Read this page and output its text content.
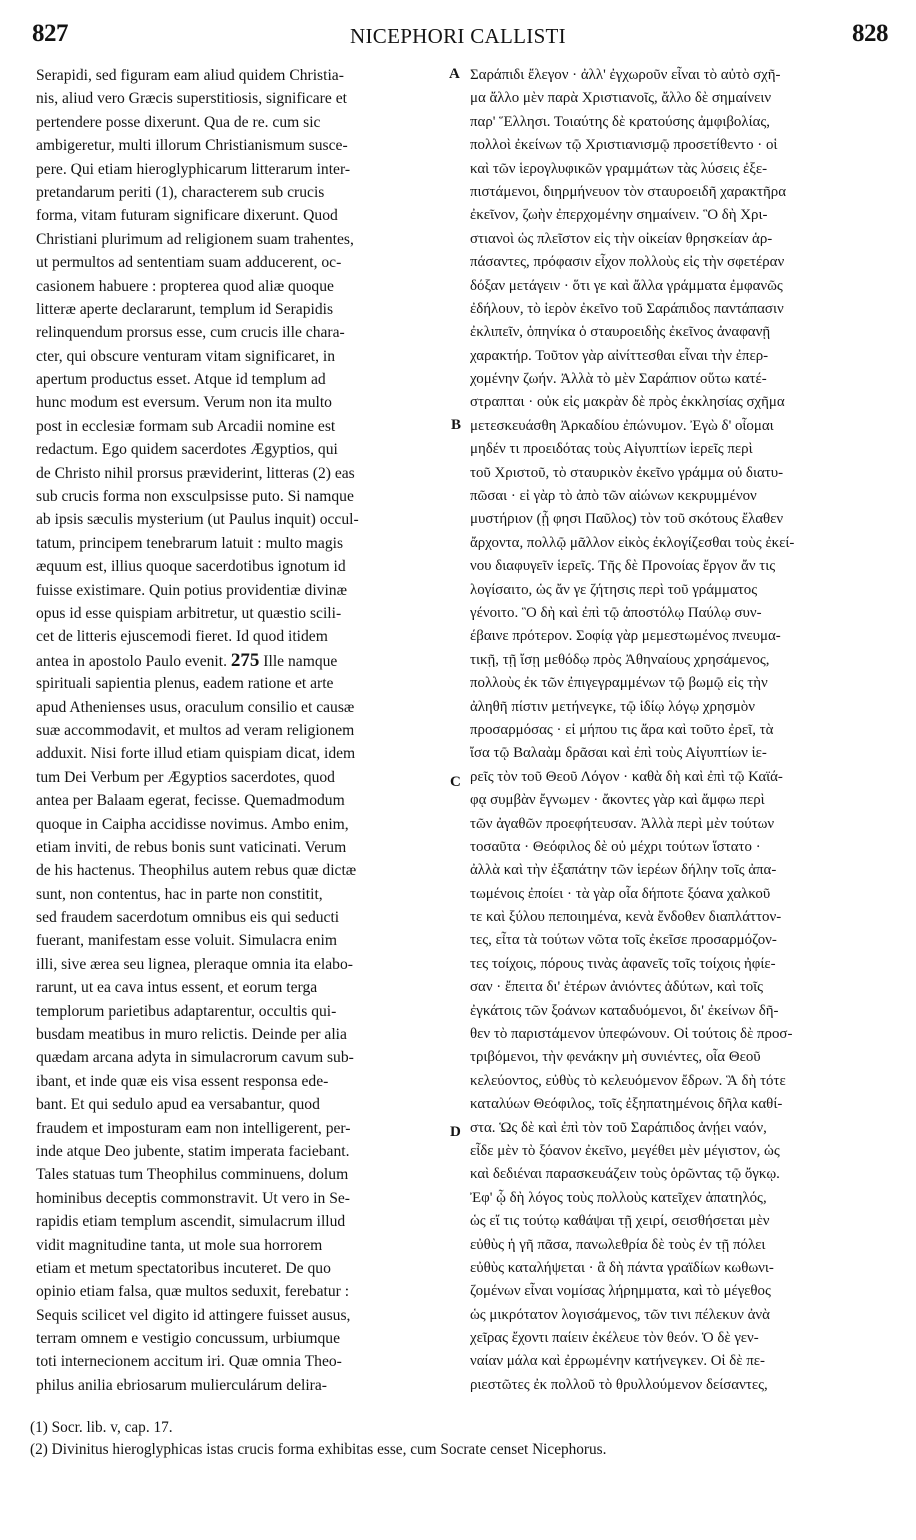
827	NICEPHORI CALLISTI	828
Serapidi, sed figuram eam aliud quidem Christia-
nis, aliud vero Græcis superstitiosis, significare et
pertendere posse dixerunt. Qua de re. cum sic
ambigeretur, multi illorum Christianismum susce-
pere. Qui etiam hieroglyphicarum litterarum inter-
pretandarum periti (1), characterem sub crucis
forma, vitam futuram significare dixerunt. Quod
Christiani plurimum ad religionem suam trahentes,
ut permultos ad sententiam suam adducerent, oc-
casionem habuere : propterea quod aliæ quoque
litteræ aperte declararunt, templum id Serapidis
relinquendum prorsus esse, cum crucis ille chara-
cter, qui obscure venturam vitam significaret, in
apertum productus esset. Atque id templum ad
hunc modum est eversum. Verum non ita multo
post in ecclesiæ formam sub Arcadii nomine est
redactum. Ego quidem sacerdotes Ægyptios, qui
de Christo nihil prorsus præviderint, litteras (2) eas
sub crucis forma non exsculpsisse puto. Si namque
ab ipsis sæculis mysterium (ut Paulus inquit) occul-
tatum, principem tenebrarum latuit : multo magis
æquum est, illius quoque sacerdotibus ignotum id
fuisse existimare. Quin potius providentiæ divinæ
opus id esse quispiam arbitretur, ut quæstio scili-
cet de litteris ejuscemodi fieret. Id quod itidem
antea in apostolo Paulo evenit. 275 Ille namque
spirituali sapientia plenus, eadem ratione et arte
apud Athenienses usus, oraculum consilio et causæ
suæ accommodavit, et multos ad veram religionem
adduxit. Nisi forte illud etiam quispiam dicat, idem
tum Dei Verbum per Ægyptios sacerdotes, quod
antea per Balaam egerat, fecisse. Quemadmodum
quoque in Caipha accidisse novimus. Ambo enim,
etiam inviti, de rebus bonis sunt vaticinati. Verum
de his hactenus. Theophilus autem rebus quæ dictæ
sunt, non contentus, hac in parte non constitit,
sed fraudem sacerdotum omnibus eis qui seducti
fuerant, manifestam esse voluit. Simulacra enim
illi, sive ærea seu lignea, pleraque omnia ita elabo-
rarunt, ut ea cava intus essent, et eorum terga
templorum parietibus adaptarentur, occultis qui-
busdam meatibus in muro relictis. Deinde per alia
quædam arcana adyta in simulacrorum cavum sub-
ibant, et inde quæ eis visa essent responsa ede-
bant. Et qui sedulo apud ea versabantur, quod
fraudem et imposturam eam non intelligerent, per-
inde atque Deo jubente, statim imperata faciebant.
Tales statuas tum Theophilus comminuens, dolum
hominibus deceptis commonstravit. Ut vero in Se-
rapidis etiam templum ascendit, simulacrum illud
vidit magnitudine tanta, ut mole sua horrorem
etiam et metum spectatoribus incuteret. De quo
opinio etiam falsa, quæ multos seduxit, ferebatur :
Sequis scilicet vel digito id attingere fuisset ausus,
terram omnem e vestigio concussum, urbiumque
toti internecionem accitum iri. Quæ omnia Theo-
philus anilia ebriosarum mulierculárum delira-
A
B
C
D
Σαράπιδι ἔλεγον · ἀλλ' ἐγχωροῦν εἶναι τὸ αὐτὸ σχῆ-
μα ἄλλο μὲν παρὰ Χριστιανοῖς, ἄλλο δὲ σημαίνειν
παρ' Ἕλλησι. Τοιαύτης δὲ κρατούσης ἀμφιβολίας,
πολλοὶ ἐκείνων τῷ Χριστιανισμῷ προσετίθεντο · οἱ
καὶ τῶν ἱερογλυφικῶν γραμμάτων τὰς λύσεις ἐξε-
πιστάμενοι, διηρμήνευον τὸν σταυροειδῆ χαρακτῆρα
ἐκεῖνον, ζωὴν ἐπερχομένην σημαίνειν. Ὃ δὴ Χρι-
στιανοὶ ὡς πλεῖστον εἰς τὴν οἰκείαν θρησκείαν ἁρ-
πάσαντες, πρόφασιν εἶχον πολλοὺς εἰς τὴν σφετέραν
δόξαν μετάγειν · ὅτι γε καὶ ἄλλα γράμματα ἐμφανῶς
ἐδήλουν, τὸ ἱερὸν ἐκεῖνο τοῦ Σαράπιδος παντάπασιν
ἐκλιπεῖν, ὁπηνίκα ὁ σταυροειδὴς ἐκεῖνος ἀναφανῇ
χαρακτήρ. Τοῦτον γὰρ αἰνίττεσθαι εἶναι τὴν ἐπερ-
χομένην ζωήν. Ἀλλὰ τὸ μὲν Σαράπιον οὕτω κατέ-
στραπται · οὐκ εἰς μακρὰν δὲ πρὸς ἐκκλησίας σχῆμα
μετεσκευάσθη Ἀρκαδίου ἐπώνυμον. Ἐγὼ δ' οἶομαι
μηδέν τι προειδότας τοὺς Αἰγυπτίων ἱερεῖς περὶ
τοῦ Χριστοῦ, τὸ σταυρικὸν ἐκεῖνο γράμμα οὐ διατυ-
πῶσαι · εἰ γὰρ τὸ ἀπὸ τῶν αἰώνων κεκρυμμένον
μυστήριον (ᾗ φησι Παῦλος) τὸν τοῦ σκότους ἔλαθεν
ἄρχοντα, πολλῷ μᾶλλον εἰκὸς ἐκλογίζεσθαι τοὺς ἐκεί-
νου διαφυγεῖν ἱερεῖς. Τῆς δὲ Προνοίας ἔργον ἄν τις
λογίσαιτο, ὡς ἄν γε ζήτησις περὶ τοῦ γράμματος
γένοιτο. Ὃ δὴ καὶ ἐπὶ τῷ ἀποστόλῳ Παύλῳ συν-
έβαινε πρότερον. Σοφίᾳ γὰρ μεμεστωμένος πνευμα-
τικῇ, τῇ ἴσῃ μεθόδῳ πρὸς Ἀθηναίους χρησάμενος,
πολλοὺς ἐκ τῶν ἐπιγεγραμμένων τῷ βωμῷ εἰς τὴν
ἀληθῆ πίστιν μετήνεγκε, τῷ ἰδίῳ λόγῳ χρησμὸν
προσαρμόσας · εἰ μήπου τις ἄρα καὶ τοῦτο ἐρεῖ, τὰ
ἴσα τῷ Βαλαὰμ δρᾶσαι καὶ ἐπὶ τοὺς Αἰγυπτίων ἱε-
ρεῖς τὸν τοῦ Θεοῦ Λόγον · καθὰ δὴ καὶ ἐπὶ τῷ Καϊά-
φᾳ συμβὰν ἔγνωμεν · ἄκοντες γὰρ καὶ ἄμφω περὶ
τῶν ἀγαθῶν προεφήτευσαν. Ἀλλὰ περὶ μὲν τούτων
τοσαῦτα · Θεόφιλος δὲ οὐ μέχρι τούτων ἵστατο ·
ἀλλὰ καὶ τὴν ἐξαπάτην τῶν ἱερέων δήλην τοῖς ἀπα-
τωμένοις ἐποίει · τὰ γὰρ οἷα δήποτε ξόανα χαλκοῦ
τε καὶ ξύλου πεποιημένα, κενὰ ἔνδοθεν διαπλάττον-
τες, εἶτα τὰ τούτων νῶτα τοῖς ἐκεῖσε προσαρμόζον-
τες τοίχοις, πόρους τινὰς ἀφανεῖς τοῖς τοίχοις ἠφίε-
σαν · ἔπειτα δι' ἑτέρων ἀνιόντες ἀδύτων, καὶ τοῖς
ἐγκάτοις τῶν ξοάνων καταδυόμενοι, δι' ἐκείνων δῆ-
θεν τὸ παριστάμενον ὑπεφώνουν. Οἱ τούτοις δὲ προσ-
τριβόμενοι, τὴν φενάκην μὴ συνιέντες, οἷα Θεοῦ
κελεύοντος, εὐθὺς τὸ κελευόμενον ἔδρων. Ἃ δὴ τότε
καταλύων Θεόφιλος, τοῖς ἐξηπατημένοις δῆλα καθί-
στα. Ὡς δὲ καὶ ἐπὶ τὸν τοῦ Σαράπιδος ἀνῄει ναόν,
εἶδε μὲν τὸ ξόανον ἐκεῖνο, μεγέθει μὲν μέγιστον, ὡς
καὶ δεδιέναι παρασκευάζειν τοὺς ὁρῶντας τῷ ὄγκῳ.
Ἐφ' ᾧ δὴ λόγος τοὺς πολλοὺς κατεῖχεν ἀπατηλός,
ὡς εἴ τις τούτῳ καθάψαι τῇ χειρί, σεισθήσεται μὲν
εὐθὺς ἡ γῆ πᾶσα, πανωλεθρία δὲ τοὺς ἐν τῇ πόλει
εὐθὺς καταλήψεται · ἃ δὴ πάντα γραϊδίων κωθωνι-
ζομένων εἶναι νομίσας λήρημματα, καὶ τὸ μέγεθος
ὡς μικρότατον λογισάμενος, τῶν τινι πέλεκυν ἀνὰ
χεῖρας ἔχοντι παίειν ἐκέλευε τὸν θεόν. Ὁ δὲ γεν-
ναίαν μάλα καὶ ἐρρωμένην κατήνεγκεν. Οἱ δὲ πε-
ριεστῶτες ἐκ πολλοῦ τὸ θρυλλούμενον δείσαντες,
(1) Socr. lib. v, cap. 17.
(2) Divinitus hieroglyphicas istas crucis forma exhibitas esse, cum Socrate censet Nicephorus.
